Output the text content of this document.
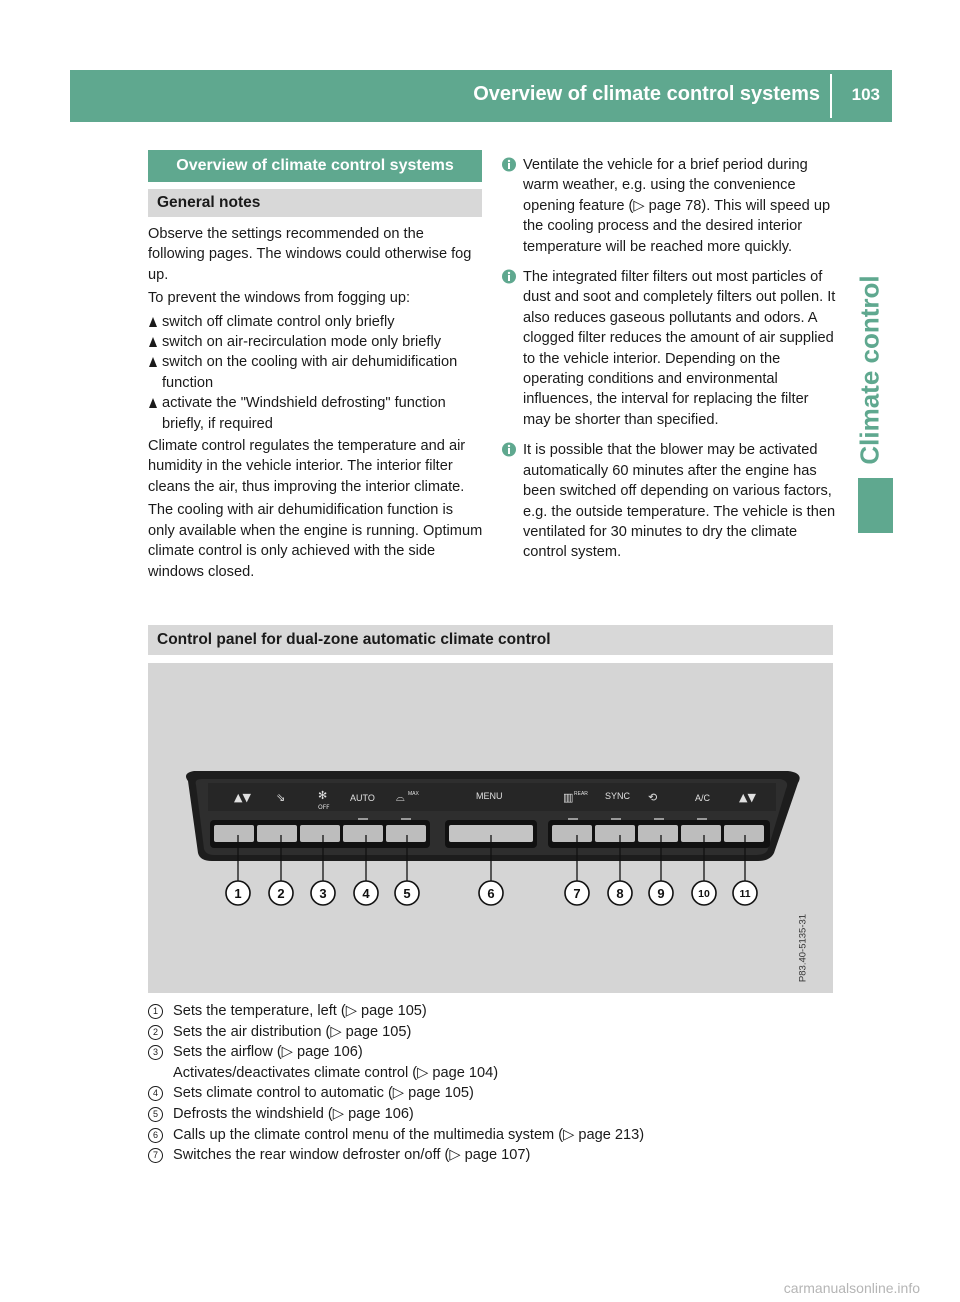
Overview of climate control systems 103
Climate control
Overview of climate control systems
General notes

Observe the settings recommended on the following pages. The windows could otherwise fog up.

To prevent the windows from fogging up:

switch off climate control only briefly
switch on air-recirculation mode only briefly
switch on the cooling with air dehumidification function
activate the "Windshield defrosting" function briefly, if required

Climate control regulates the temperature and air humidity in the vehicle interior. The interior filter cleans the air, thus improving the interior climate.

The cooling with air dehumidification function is only available when the engine is running. Optimum climate control is only achieved with the side windows closed.

Ventilate the vehicle for a brief period during warm weather, e.g. using the convenience opening feature (▷ page 78). This will speed up the cooling process and the desired interior temperature will be reached more quickly.
The integrated filter filters out most particles of dust and soot and completely filters out pollen. It also reduces gaseous pollutants and odors. A clogged filter reduces the amount of air supplied to the vehicle interior. Depending on the operating conditions and environmental influences, the interval for replacing the filter may be shorter than specified.
It is possible that the blower may be activated automatically 60 minutes after the engine has been switched off depending on various factors, e.g. the outside temperature. The vehicle is then ventilated for 30 minutes to dry the climate control system.
Control panel for dual-zone automatic climate control
▲▼ ⇘	✻
OFF
AUTO ⌓ MAX	MENU	▥ REAR SYNC ⟲	A/C	▲▼
1	2	3	4	5	6	7	8	9	10	11
P83.40-5135-31
1	Sets the temperature, left (▷ page 105)
2	Sets the air distribution (▷ page 105)
3	Sets the airflow (▷ page 106)
Activates/deactivates climate control (▷ page 104)
4	Sets climate control to automatic (▷ page 105)
5	Defrosts the windshield (▷ page 106)
6	Calls up the climate control menu of the multimedia system (▷ page 213)
7	Switches the rear window defroster on/off (▷ page 107)
carmanualsonline.info
